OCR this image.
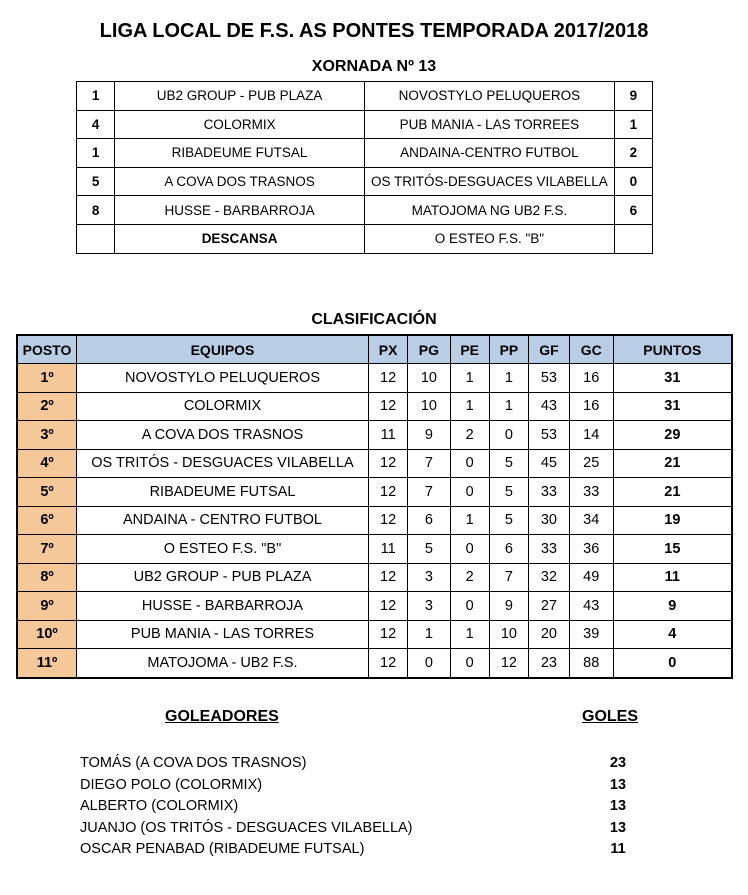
LIGA LOCAL DE F.S. AS PONTES TEMPORADA 2017/2018
XORNADA Nº 13
1	UB2 GROUP - PUB PLAZA	NOVOSTYLO PELUQUEROS	9
4	COLORMIX	PUB MANIA - LAS TORREES	1
1	RIBADEUME FUTSAL	ANDAINA-CENTRO FUTBOL	2
5	A COVA DOS TRASNOS	OS TRITÓS-DESGUACES VILABELLA	0
8	HUSSE - BARBARROJA	MATOJOMA NG UB2 F.S.	6
	DESCANSA	O ESTEO F.S. "B"	
CLASIFICACIÓN
POSTO	EQUIPOS	PX	PG	PE	PP	GF	GC	PUNTOS
1º	NOVOSTYLO PELUQUEROS	12	10	1	1	53	16	31
2º	COLORMIX	12	10	1	1	43	16	31
3º	A COVA DOS TRASNOS	11	9	2	0	53	14	29
4º	OS TRITÓS - DESGUACES VILABELLA	12	7	0	5	45	25	21
5º	RIBADEUME FUTSAL	12	7	0	5	33	33	21
6º	ANDAINA - CENTRO FUTBOL	12	6	1	5	30	34	19
7º	O ESTEO F.S. "B"	11	5	0	6	33	36	15
8º	UB2 GROUP - PUB PLAZA	12	3	2	7	32	49	11
9º	HUSSE - BARBARROJA	12	3	0	9	27	43	9
10º	PUB MANIA - LAS TORRES	12	1	1	10	20	39	4
11º	MATOJOMA - UB2 F.S.	12	0	0	12	23	88	0
GOLEADORES	GOLES
TOMÁS (A COVA DOS TRASNOS)	23
DIEGO POLO (COLORMIX)	13
ALBERTO (COLORMIX)	13
JUANJO (OS TRITÓS - DESGUACES VILABELLA)	13
OSCAR PENABAD (RIBADEUME FUTSAL)	11
